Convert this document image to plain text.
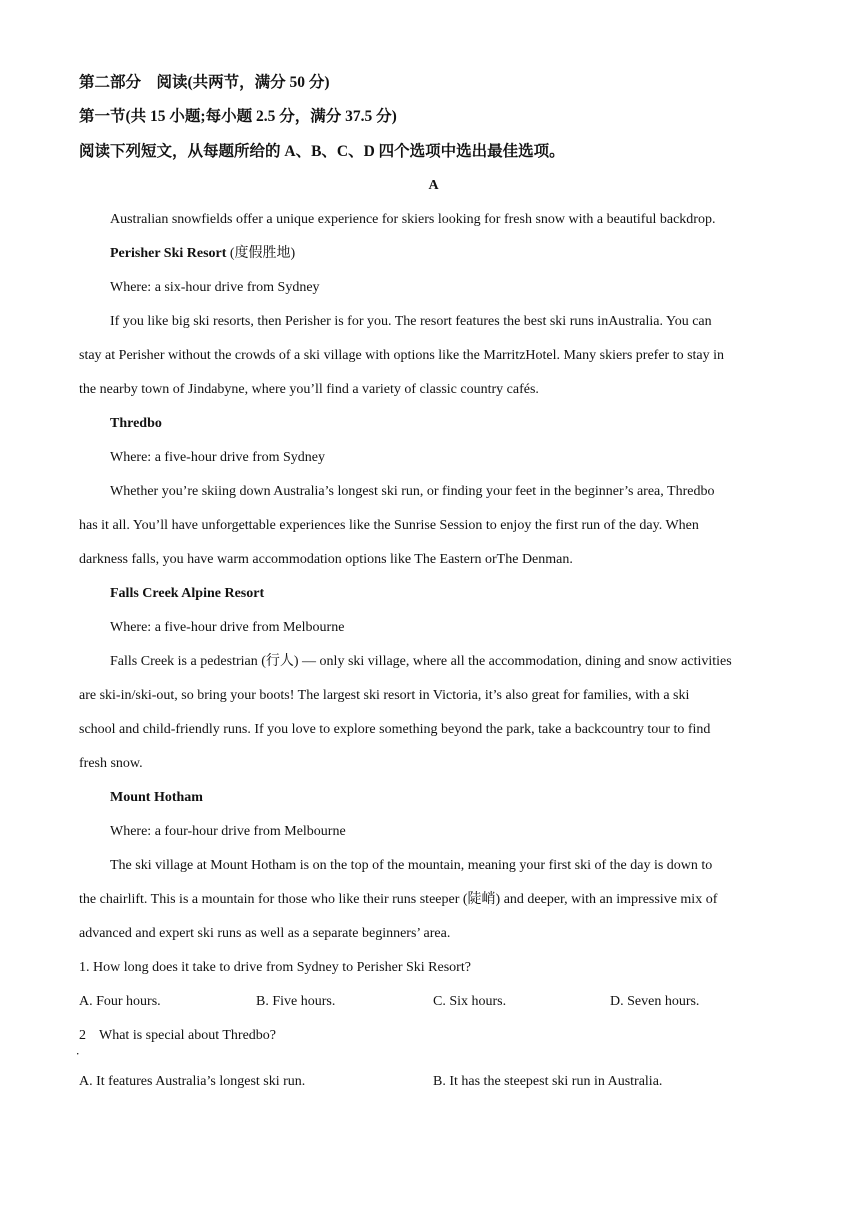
第二部分　阅读(共两节，满分 50 分)
第一节(共 15 小题;每小题 2.5 分，满分 37.5 分)
阅读下列短文，从每题所给的 A、B、C、D 四个选项中选出最佳选项。
A
Australian snowfields offer a unique experience for skiers looking for fresh snow with a beautiful backdrop.
Perisher Ski Resort (度假胜地)
Where: a six-hour drive from Sydney
If you like big ski resorts, then Perisher is for you. The resort features the best ski runs inAustralia. You can
stay at Perisher without the crowds of a ski village with options like the MarritzHotel. Many skiers prefer to stay in
the nearby town of Jindabyne, where you’ll find a variety of classic country cafés.
Thredbo
Where: a five-hour drive from Sydney
Whether you’re skiing down Australia’s longest ski run, or finding your feet in the beginner’s area, Thredbo
has it all. You’ll have unforgettable experiences like the Sunrise Session to enjoy the first run of the day. When
darkness falls, you have warm accommodation options like The Eastern orThe Denman.
Falls Creek Alpine Resort
Where: a five-hour drive from Melbourne
Falls Creek is a pedestrian (行人) — only ski village, where all the accommodation, dining and snow activities
are ski-in/ski-out, so bring your boots! The largest ski resort in Victoria, it’s also great for families, with a ski
school and child-friendly runs. If you love to explore something beyond the park, take a backcountry tour to find
fresh snow.
Mount Hotham
Where: a four-hour drive from Melbourne
The ski village at Mount Hotham is on the top of the mountain, meaning your first ski of the day is down to
the chairlift. This is a mountain for those who like their runs steeper (陡峭) and deeper, with an impressive mix of
advanced and expert ski runs as well as a separate beginners’ area.
1. How long does it take to drive from Sydney to Perisher Ski Resort?
A. Four hours.	B. Five hours.	C. Six hours.	D. Seven hours.
2
．
What is special about Thredbo?
A. It features Australia’s longest ski run.	B. It has the steepest ski run in Australia.
